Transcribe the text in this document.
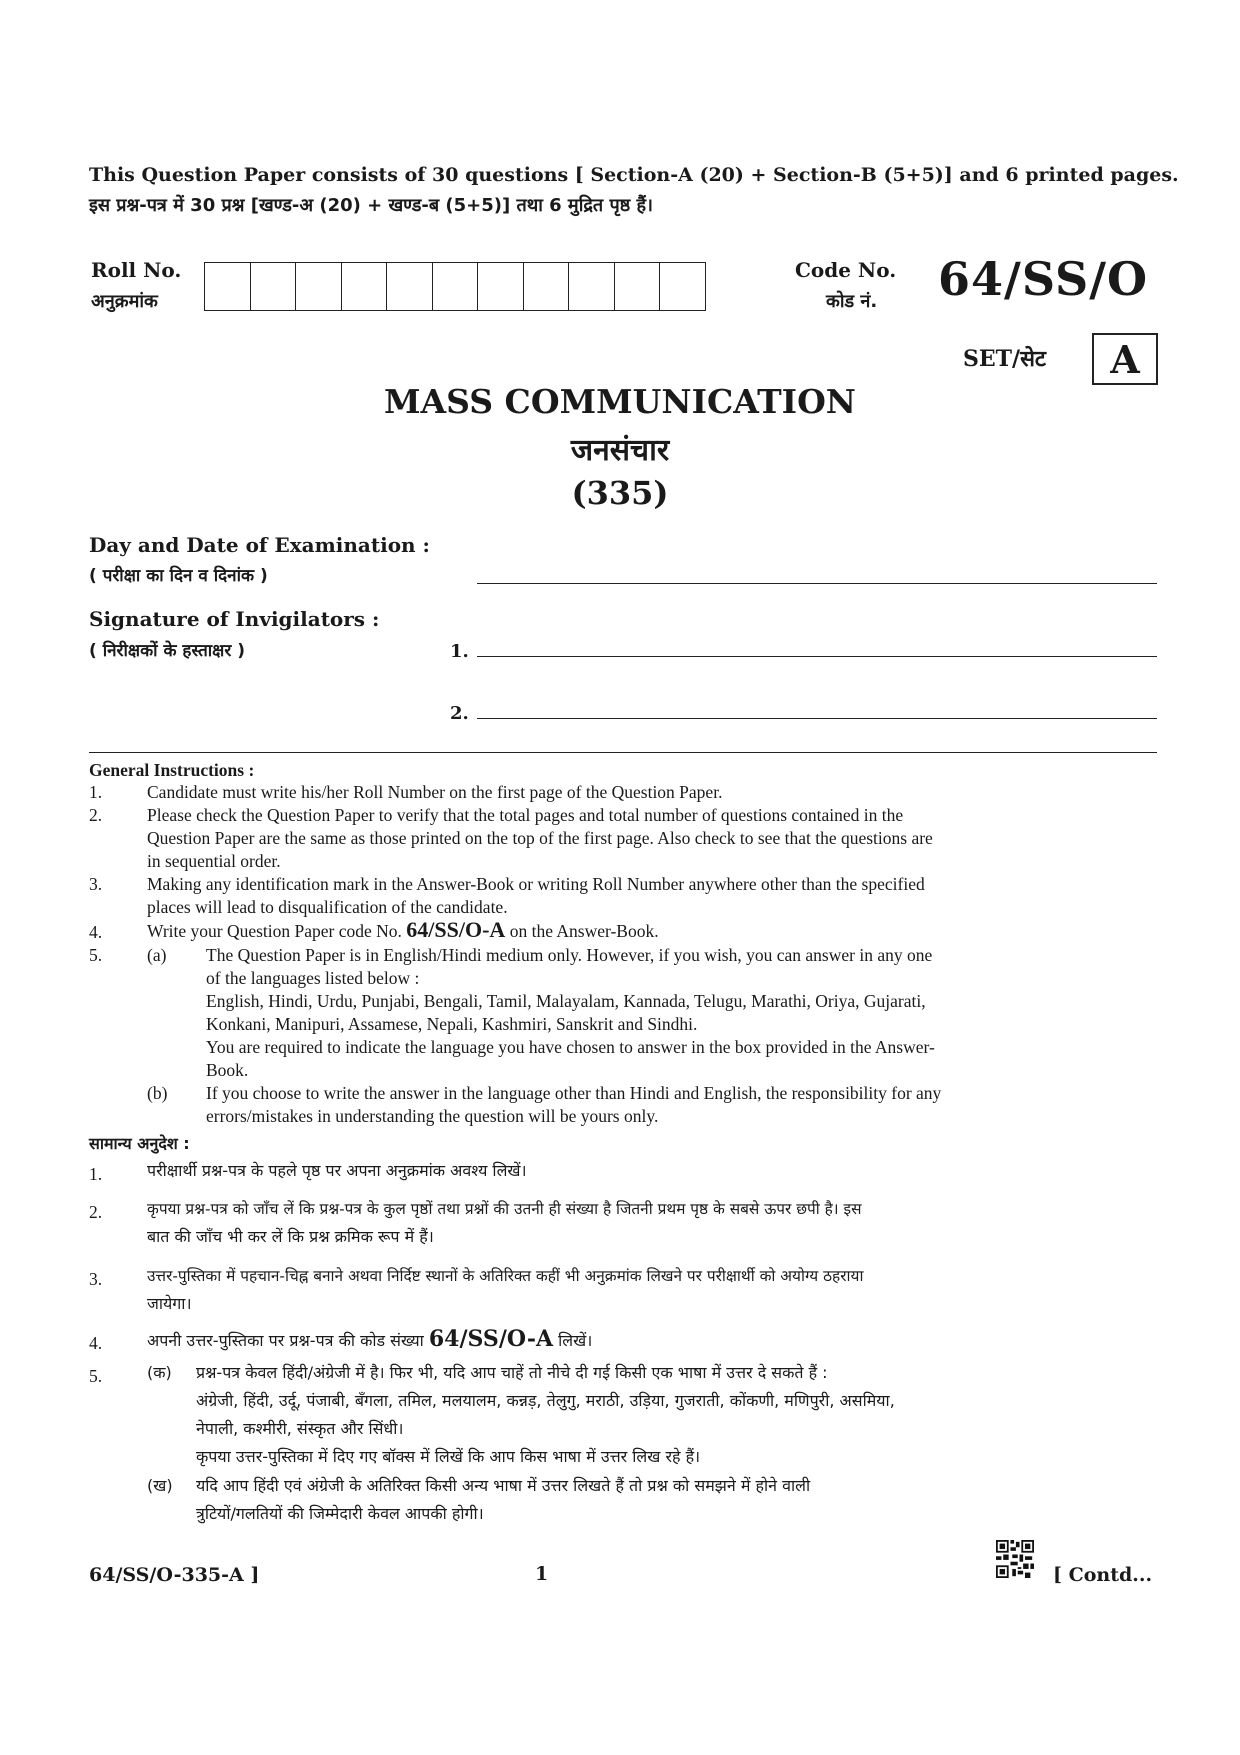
This Question Paper consists of 30 questions [ Section-A (20) + Section-B (5+5)] and 6 printed pages.
इस प्रश्न-पत्र में 30 प्रश्न [खण्ड-अ (20) + खण्ड-ब (5+5)] तथा 6 मुद्रित पृष्ठ हैं।
Roll No.
अनुक्रमांक
Code No.
कोड नं. 64/SS/O
SET/सेट	A
MASS COMMUNICATION
जनसंचार
(335)
Day and Date of Examination :
( परीक्षा का दिन व दिनांक )
Signature of Invigilators :
( निरीक्षकों के हस्ताक्षर )	1.
2.
General Instructions :
1.	Candidate must write his/her Roll Number on the first page of the Question Paper.
2.	Please check the Question Paper to verify that the total pages and total number of questions contained in the
Question Paper are the same as those printed on the top of the first page. Also check to see that the questions are
in sequential order.
3.	Making any identification mark in the Answer-Book or writing Roll Number anywhere other than the specified
places will lead to disqualification of the candidate.
4.	Write your Question Paper code No. 64/SS/O-A on the Answer-Book.
5.	(a) The Question Paper is in English/Hindi medium only. However, if you wish, you can answer in any one
of the languages listed below :
English, Hindi, Urdu, Punjabi, Bengali, Tamil, Malayalam, Kannada, Telugu, Marathi, Oriya, Gujarati,
Konkani, Manipuri, Assamese, Nepali, Kashmiri, Sanskrit and Sindhi.
You are required to indicate the language you have chosen to answer in the box provided in the Answer-
Book.
(b) If you choose to write the answer in the language other than Hindi and English, the responsibility for any
errors/mistakes in understanding the question will be yours only.
सामान्य अनुदेश :
1.	परीक्षार्थी प्रश्न-पत्र के पहले पृष्ठ पर अपना अनुक्रमांक अवश्य लिखें।
2.	कृपया प्रश्न-पत्र को जाँच लें कि प्रश्न-पत्र के कुल पृष्ठों तथा प्रश्नों की उतनी ही संख्या है जितनी प्रथम पृष्ठ के सबसे ऊपर छपी है। इस
बात की जाँच भी कर लें कि प्रश्न क्रमिक रूप में हैं।
3.	उत्तर-पुस्तिका में पहचान-चिह्न बनाने अथवा निर्दिष्ट स्थानों के अतिरिक्त कहीं भी अनुक्रमांक लिखने पर परीक्षार्थी को अयोग्य ठहराया
जायेगा।
4.	अपनी उत्तर-पुस्तिका पर प्रश्न-पत्र की कोड संख्या 64/SS/O-A लिखें।
5.	(क) प्रश्न-पत्र केवल हिंदी/अंग्रेजी में है। फिर भी, यदि आप चाहें तो नीचे दी गई किसी एक भाषा में उत्तर दे सकते हैं :
अंग्रेजी, हिंदी, उर्दू, पंजाबी, बँगला, तमिल, मलयालम, कन्नड़, तेलुगु, मराठी, उड़िया, गुजराती, कोंकणी, मणिपुरी, असमिया,
नेपाली, कश्मीरी, संस्कृत और सिंधी।
कृपया उत्तर-पुस्तिका में दिए गए बॉक्स में लिखें कि आप किस भाषा में उत्तर लिख रहे हैं।
(ख) यदि आप हिंदी एवं अंग्रेजी के अतिरिक्त किसी अन्य भाषा में उत्तर लिखते हैं तो प्रश्न को समझने में होने वाली
त्रुटियों/गलतियों की जिम्मेदारी केवल आपकी होगी।
64/SS/O-335-A ]	1	[ Contd...
